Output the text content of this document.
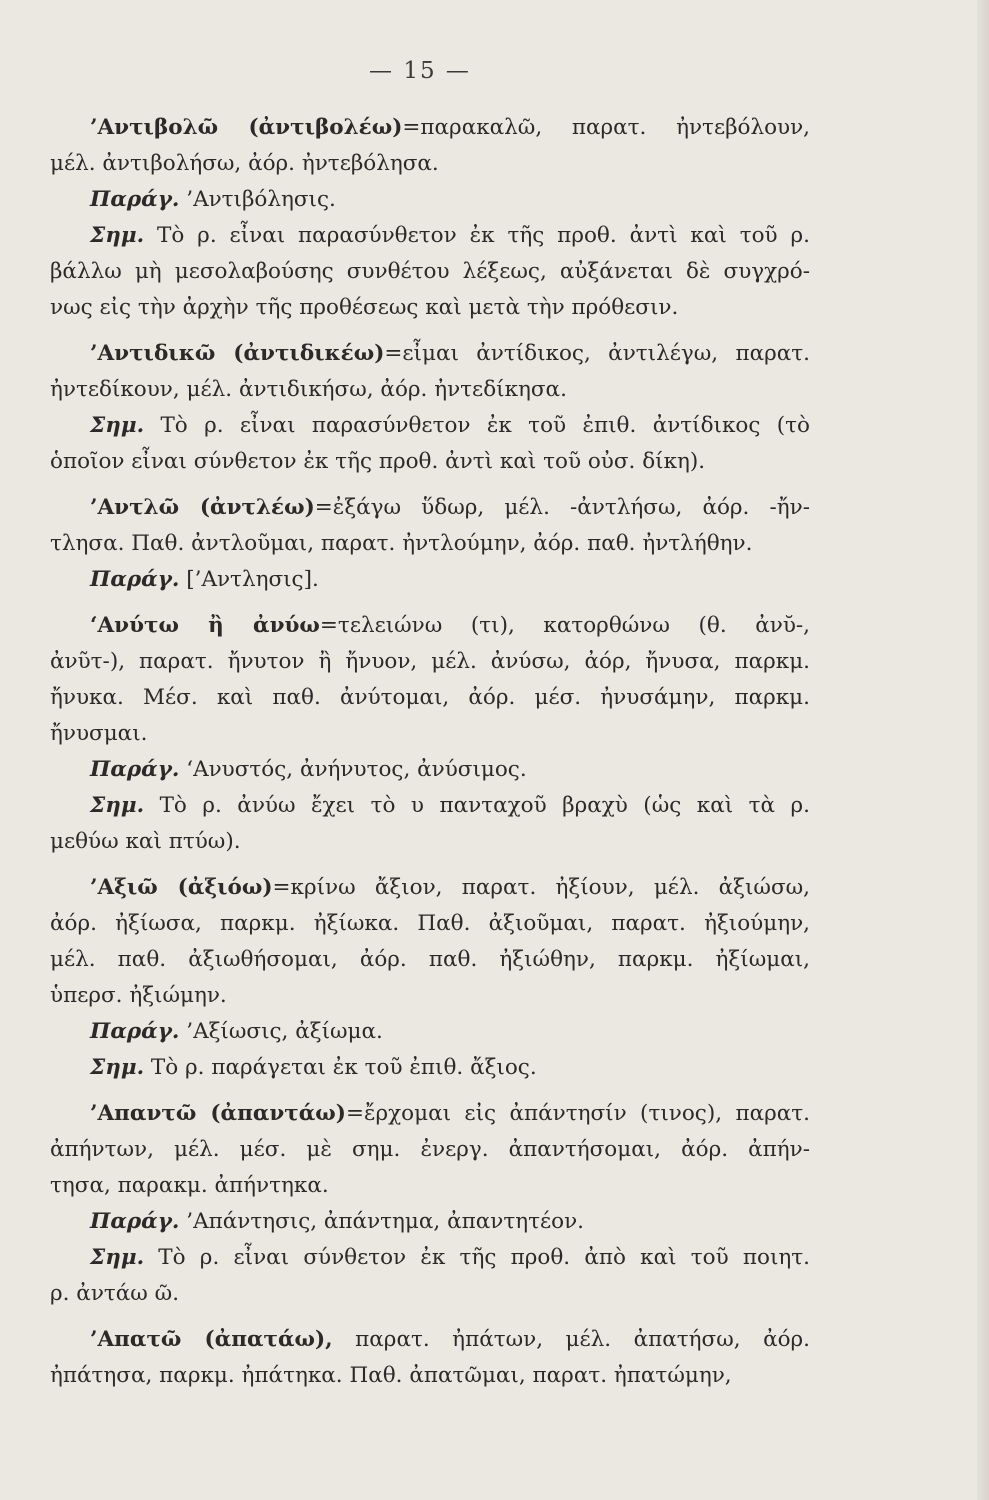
— 15 —
’Αντιβολῶ (ἀντιβολέω)=παρακαλῶ, παρατ. ἠντεβόλουν,
μέλ. ἀντιβολήσω, ἀόρ. ἠντεβόλησα.
Παράγ. ’Αντιβόλησις.
Σημ. Τὸ ρ. εἶναι παρασύνθετον ἐκ τῆς προθ. ἀντὶ καὶ τοῦ ρ.
βάλλω μὴ μεσολαβούσης συνθέτου λέξεως, αὐξάνεται δὲ συγχρό-
νως εἰς τὴν ἀρχὴν τῆς προθέσεως καὶ μετὰ τὴν πρόθεσιν.
’Αντιδικῶ (ἀντιδικέω)=εἶμαι ἀντίδικος, ἀντιλέγω, παρατ.
ἠντεδίκουν, μέλ. ἀντιδικήσω, ἀόρ. ἠντεδίκησα.
Σημ. Τὸ ρ. εἶναι παρασύνθετον ἐκ τοῦ ἐπιθ. ἀντίδικος (τὸ
ὁποῖον εἶναι σύνθετον ἐκ τῆς προθ. ἀντὶ καὶ τοῦ οὐσ. δίκη).
’Αντλῶ (ἀντλέω)=ἐξάγω ὕδωρ, μέλ. -ἀντλήσω, ἀόρ. -ἤν-
τλησα. Παθ. ἀντλοῦμαι, παρατ. ἠντλούμην, ἀόρ. παθ. ἠντλήθην.
Παράγ. [’Αντλησις].
‘Ανύτω ἢ ἀνύω=τελειώνω (τι), κατορθώνω (θ. ἀνῠ-,
ἀνῦτ-), παρατ. ἤνυτον ἢ ἤνυον, μέλ. ἀνύσω, ἀόρ, ἤνυσα, παρκμ.
ἤνυκα. Μέσ. καὶ παθ. ἀνύτομαι, ἀόρ. μέσ. ἠνυσάμην, παρκμ.
ἤνυσμαι.
Παράγ. ‘Ανυστός, ἀνήνυτος, ἀνύσιμος.
Σημ. Τὸ ρ. ἀνύω ἔχει τὸ υ πανταχοῦ βραχὺ (ὡς καὶ τὰ ρ.
μεθύω καὶ πτύω).
’Αξιῶ (ἀξιόω)=κρίνω ἄξιον, παρατ. ἠξίουν, μέλ. ἀξιώσω,
ἀόρ. ἠξίωσα, παρκμ. ἠξίωκα. Παθ. ἀξιοῦμαι, παρατ. ἠξιούμην,
μέλ. παθ. ἀξιωθήσομαι, ἀόρ. παθ. ἠξιώθην, παρκμ. ἠξίωμαι,
ὑπερσ. ἠξιώμην.
Παράγ. ’Αξίωσις, ἀξίωμα.
Σημ. Τὸ ρ. παράγεται ἐκ τοῦ ἐπιθ. ἄξιος.
’Απαντῶ (ἀπαντάω)=ἔρχομαι εἰς ἀπάντησίν (τινος), παρατ.
ἀπήντων, μέλ. μέσ. μὲ σημ. ἐνεργ. ἀπαντήσομαι, ἀόρ. ἀπήν-
τησα, παρακμ. ἀπήντηκα.
Παράγ. ’Απάντησις, ἀπάντημα, ἀπαντητέον.
Σημ. Τὸ ρ. εἶναι σύνθετον ἐκ τῆς προθ. ἀπὸ καὶ τοῦ ποιητ.
ρ. ἀντάω ῶ.
’Απατῶ (ἀπατάω), παρατ. ἠπάτων, μέλ. ἀπατήσω, ἀόρ.
ἠπάτησα, παρκμ. ἠπάτηκα. Παθ. ἀπατῶμαι, παρατ. ἠπατώμην,
